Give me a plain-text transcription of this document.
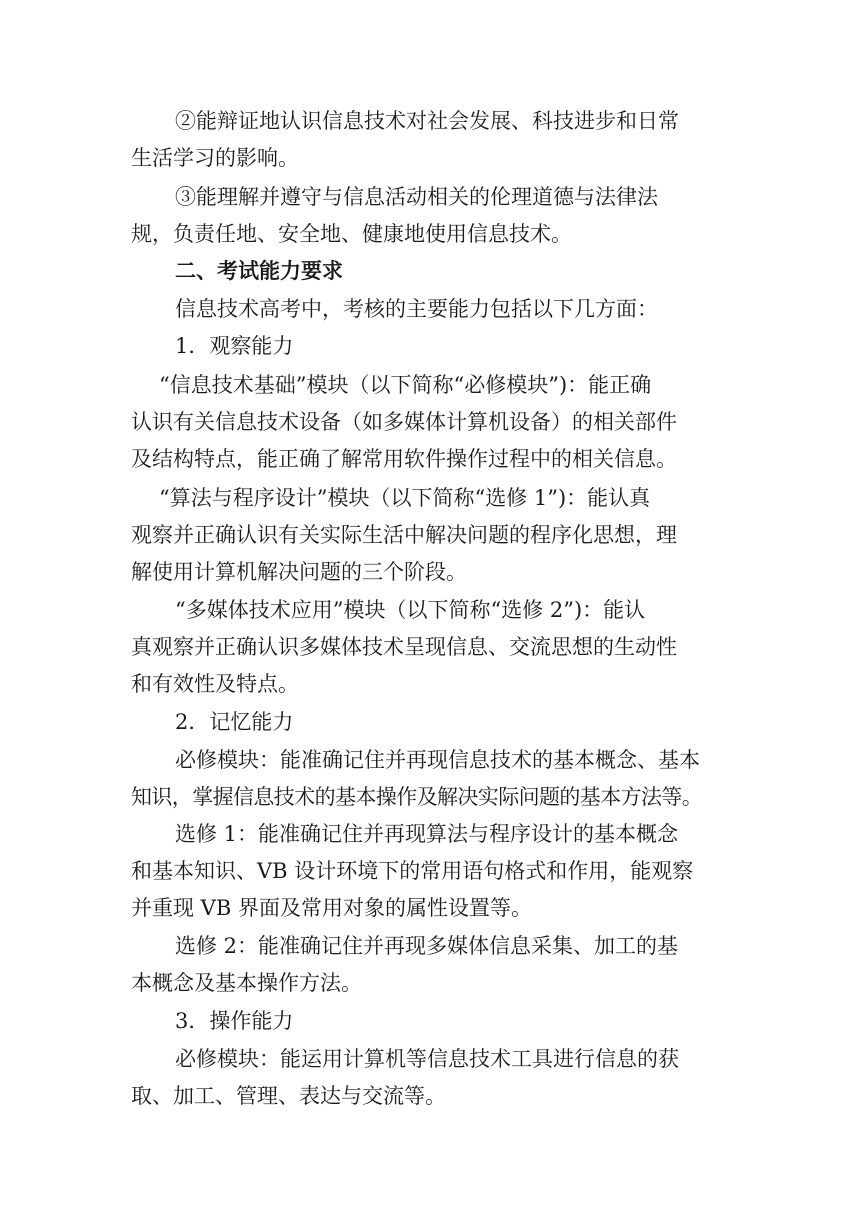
②能辩证地认识信息技术对社会发展、科技进步和日常
生活学习的影响。
③能理解并遵守与信息活动相关的伦理道德与法律法
规，负责任地、安全地、健康地使用信息技术。
二、考试能力要求
信息技术高考中，考核的主要能力包括以下几方面：
1．观察能力
“信息技术基础”模块（以下简称“必修模块”)：能正确
认识有关信息技术设备（如多媒体计算机设备）的相关部件
及结构特点，能正确了解常用软件操作过程中的相关信息。
“算法与程序设计”模块（以下简称“选修 1”)：能认真
观察并正确认识有关实际生活中解决问题的程序化思想，理
解使用计算机解决问题的三个阶段。
“多媒体技术应用”模块（以下简称“选修 2”)：能认
真观察并正确认识多媒体技术呈现信息、交流思想的生动性
和有效性及特点。
2．记忆能力
必修模块：能准确记住并再现信息技术的基本概念、基本
知识，掌握信息技术的基本操作及解决实际问题的基本方法等。
选修 1：能准确记住并再现算法与程序设计的基本概念
和基本知识、VB 设计环境下的常用语句格式和作用，能观察
并重现 VB 界面及常用对象的属性设置等。
选修 2：能准确记住并再现多媒体信息采集、加工的基
本概念及基本操作方法。
3．操作能力
必修模块：能运用计算机等信息技术工具进行信息的获
取、加工、管理、表达与交流等。
